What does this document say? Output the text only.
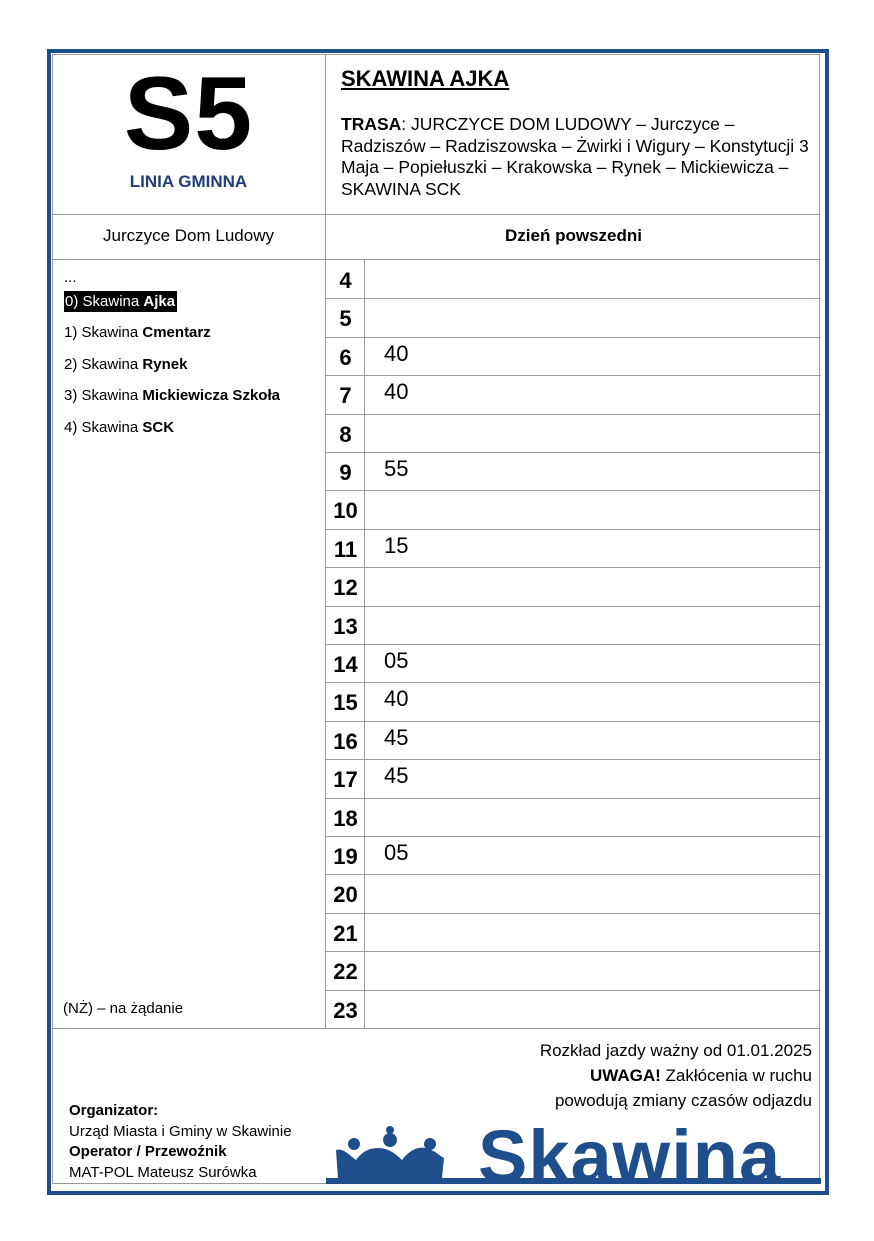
S5
LINIA GMINNA
SKAWINA AJKA
TRASA: JURCZYCE DOM LUDOWY – Jurczyce – Radziszów – Radziszowska – Żwirki i Wigury – Konstytucji 3 Maja – Popiełuszki – Krakowska – Rynek – Mickiewicza – SKAWINA SCK
Jurczyce Dom Ludowy	Dzień powszedni
...
0) Skawina Ajka
1) Skawina Cmentarz
2) Skawina Rynek
3) Skawina Mickiewicza Szkoła
4) Skawina SCK
(NŻ) – na żądanie
4
5
6	40
7	40
8
9	55
10
11	15
12
13
14	05
15	40
16	45
17	45
18
19	05
20
21
22
23
Rozkład jazdy ważny od 01.01.2025
UWAGA! Zakłócenia w ruchu
powodują zmiany czasów odjazdu
Organizator:
Urząd Miasta i Gminy w Skawinie
Operator / Przewoźnik
MAT-POL Mateusz Surówka	Skawina
